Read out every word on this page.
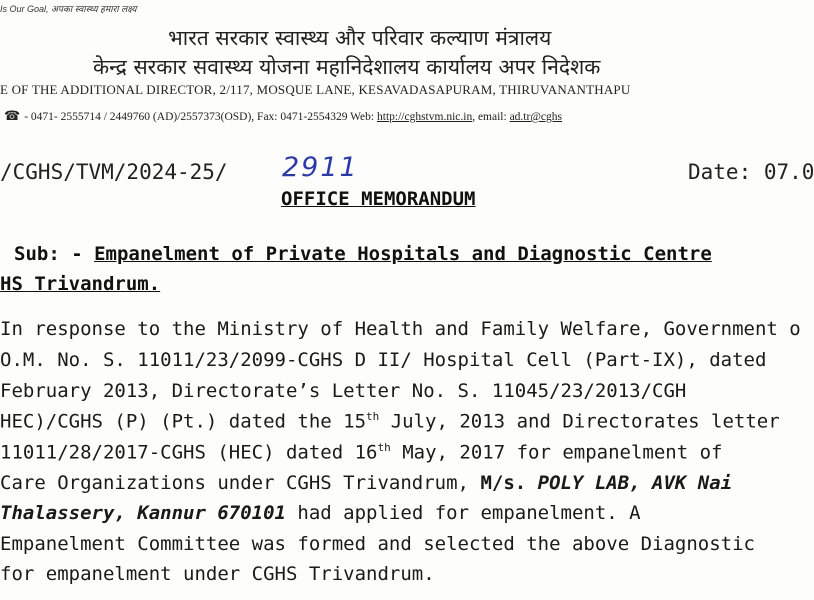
Is Our Goal, अपका स्वास्थ्य हमारा लक्ष्य
भारत सरकार स्वास्थ्य और परिवार कल्याण मंत्रालय
केन्द्र सरकार सवास्थ्य योजना महानिदेशालय कार्यालय अपर निदेशक
E OF THE ADDITIONAL DIRECTOR, 2/117, MOSQUE LANE, KESAVADASAPURAM, THIRUVANANTHAPU
☎ - 0471- 2555714 / 2449760 (AD)/2557373(OSD), Fax: 0471-2554329 Web: http://cghstvm.nic.in, email: ad.tr@cghs
/CGHS/TVM/2024-25/ 2911	Date: 07.0
OFFICE MEMORANDUM
Sub: - Empanelment of Private Hospitals and Diagnostic Centre
HS Trivandrum.
In response to the Ministry of Health and Family Welfare, Government o
O.M. No. S. 11011/23/2099-CGHS D II/ Hospital Cell (Part-IX), dated
February 2013, Directorate’s Letter No. S. 11045/23/2013/CGH
HEC)/CGHS (P) (Pt.) dated the 15th July, 2013 and Directorates letter
11011/28/2017-CGHS (HEC) dated 16th May, 2017 for empanelment of
Care Organizations under CGHS Trivandrum, M/s. POLY LAB, AVK Nai
Thalassery, Kannur 670101 had applied for empanelment. A
Empanelment Committee was formed and selected the above Diagnostic
for empanelment under CGHS Trivandrum.
